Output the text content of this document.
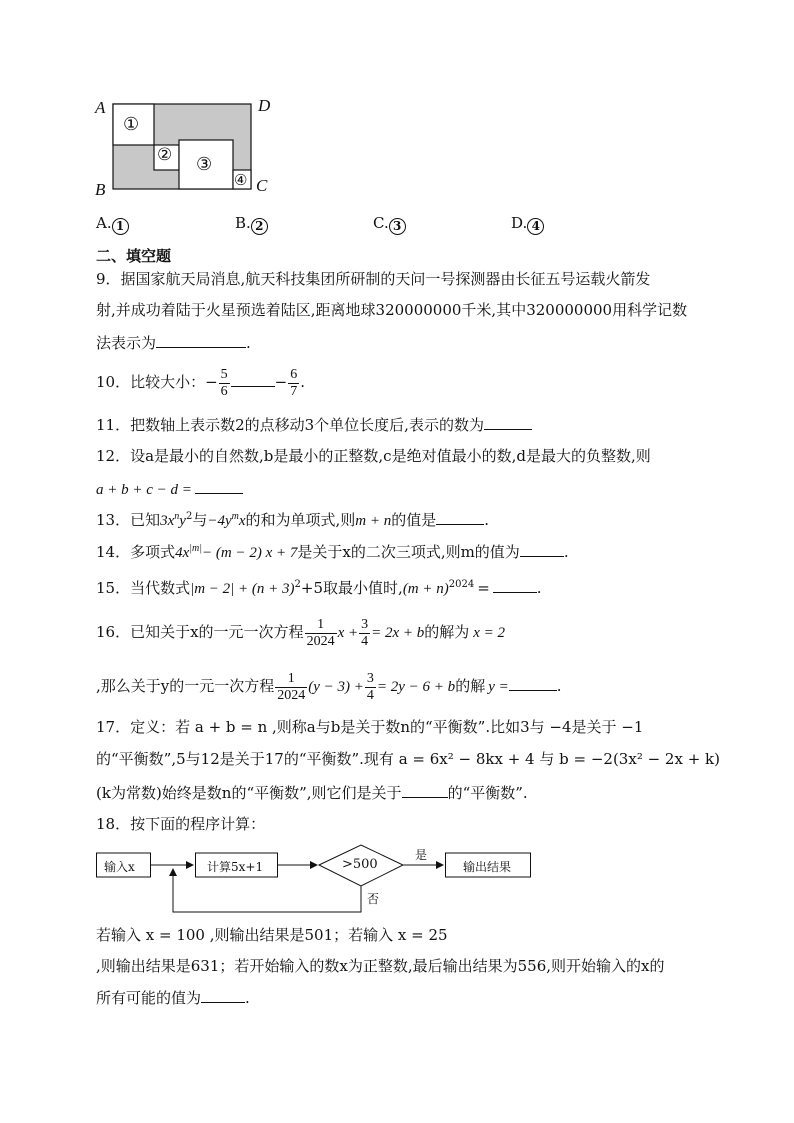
A
B	C
D
①
② ③
④
A. 1	B. 2	C. 3	D. 4
二、填空题
9．据国家航天局消息,航天科技集团所研制的天问一号探测器由长征五号运载火箭发
射,并成功着陆于火星预选着陆区,距离地球320000000千米,其中320000000用科学记数
法表示为	.
10．比较大小：− $\frac{5}{6}$	− $\frac{6}{7}$ .
11．把数轴上表示数2的点移动3个单位长度后,表示的数为
12．设a是最小的自然数,b是最小的正整数,c是绝对值最小的数,d是最大的负整数,则
a + b + c − d =
13．已知$3x^ny^2$与$-4y^mx$的和为单项式,则m + n的值是	.
14．多项式$4x^{|m|}- (m - 2) x + 7$是关于x的二次三项式,则m的值为	.
15．当代数式$|m - 2| + (n + 3)^2+5$取最小值时$,(m + n)^{2024}$ =	.
16．已知关于x的一元一次方程 $\frac{1}{2024}$ $x + \frac{3}{4} = 2x + b$的解为 x = 2
,那么关于y的一元一次方程 $\frac{1}{2024} (y - 3) + \frac{3}{4} = 2y - 6 + b$的解 y =	.
17．定义：若 a + b = n ,则称a与b是关于数n的“平衡数”.比如3与 −4是关于 −1
的“平衡数”,5与12是关于17的“平衡数”.现有 a = 6x² − 8kx + 4 与 b = −2(3x² − 2x + k)
(k为常数)始终是数n的“平衡数”,则它们是关于	的“平衡数”.
18．按下面的程序计算：
输入x	计算5x+1	>500
是
否
输出结果
若输入 x = 100 ,则输出结果是501；若输入 x = 25
,则输出结果是631；若开始输入的数x为正整数,最后输出结果为556,则开始输入的x的
所有可能的值为	.
